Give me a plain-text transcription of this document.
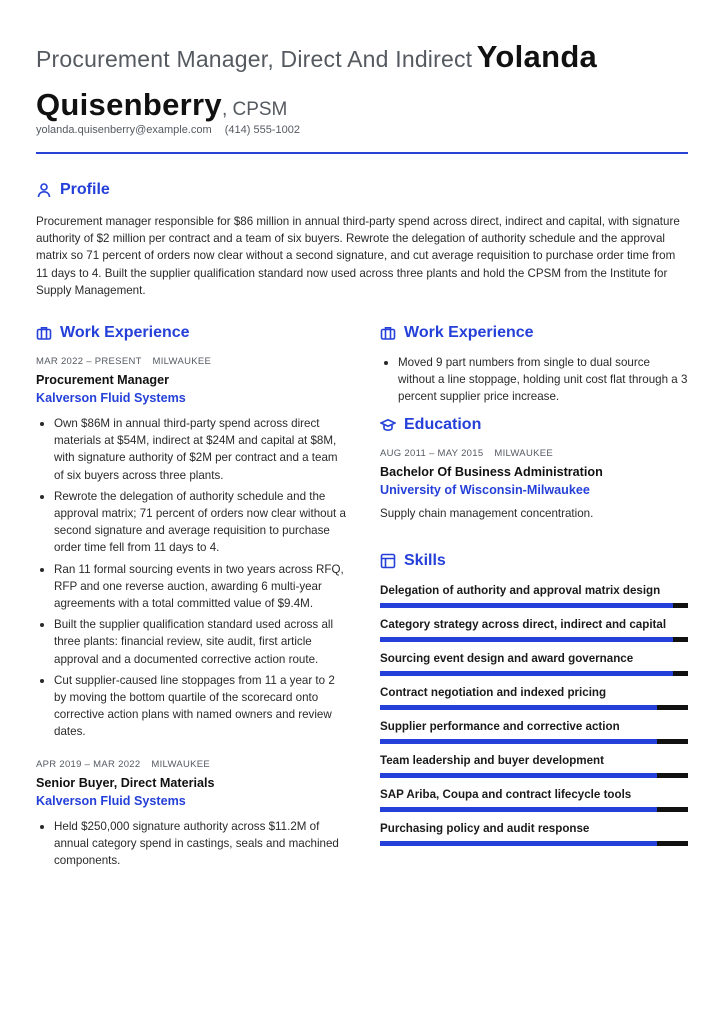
Procurement Manager, Direct And Indirect Yolanda
Quisenberry, CPSM
yolanda.quisenberry@example.com (414) 555-1002
Profile

Procurement manager responsible for $86 million in annual third-party spend across direct, indirect and capital, with signature authority of $2 million per contract and a team of six buyers. Rewrote the delegation of authority schedule and the approval matrix so 71 percent of orders now clear without a second signature, and cut average requisition to purchase order time from 11 days to 4. Built the supplier qualification standard now used across three plants and hold the CPSM from the Institute for Supply Management.

Work Experience
MAR 2022 – PRESENT MILWAUKEE
Procurement Manager
Kalverson Fluid Systems
Own $86M in annual third-party spend across direct materials at $54M, indirect at $24M and capital at $8M, with signature authority of $2M per contract and a team of six buyers across three plants.
Rewrote the delegation of authority schedule and the approval matrix; 71 percent of orders now clear without a second signature and average requisition to purchase order time fell from 11 days to 4.
Ran 11 formal sourcing events in two years across RFQ, RFP and one reverse auction, awarding 6 multi-year agreements with a total committed value of $9.4M.
Built the supplier qualification standard used across all three plants: financial review, site audit, first article approval and a documented corrective action route.
Cut supplier-caused line stoppages from 11 a year to 2 by moving the bottom quartile of the scorecard onto corrective action plans with named owners and review dates.
APR 2019 – MAR 2022 MILWAUKEE
Senior Buyer, Direct Materials
Kalverson Fluid Systems
Held $250,000 signature authority across $11.2M of annual category spend in castings, seals and machined components.
Work Experience
Moved 9 part numbers from single to dual source without a line stoppage, holding unit cost flat through a 3 percent supplier price increase.
Education
AUG 2011 – MAY 2015 MILWAUKEE
Bachelor Of Business Administration
University of Wisconsin-Milwaukee
Supply chain management concentration.
Skills
Delegation of authority and approval matrix design
Category strategy across direct, indirect and capital
Sourcing event design and award governance
Contract negotiation and indexed pricing
Supplier performance and corrective action
Team leadership and buyer development
SAP Ariba, Coupa and contract lifecycle tools
Purchasing policy and audit response
